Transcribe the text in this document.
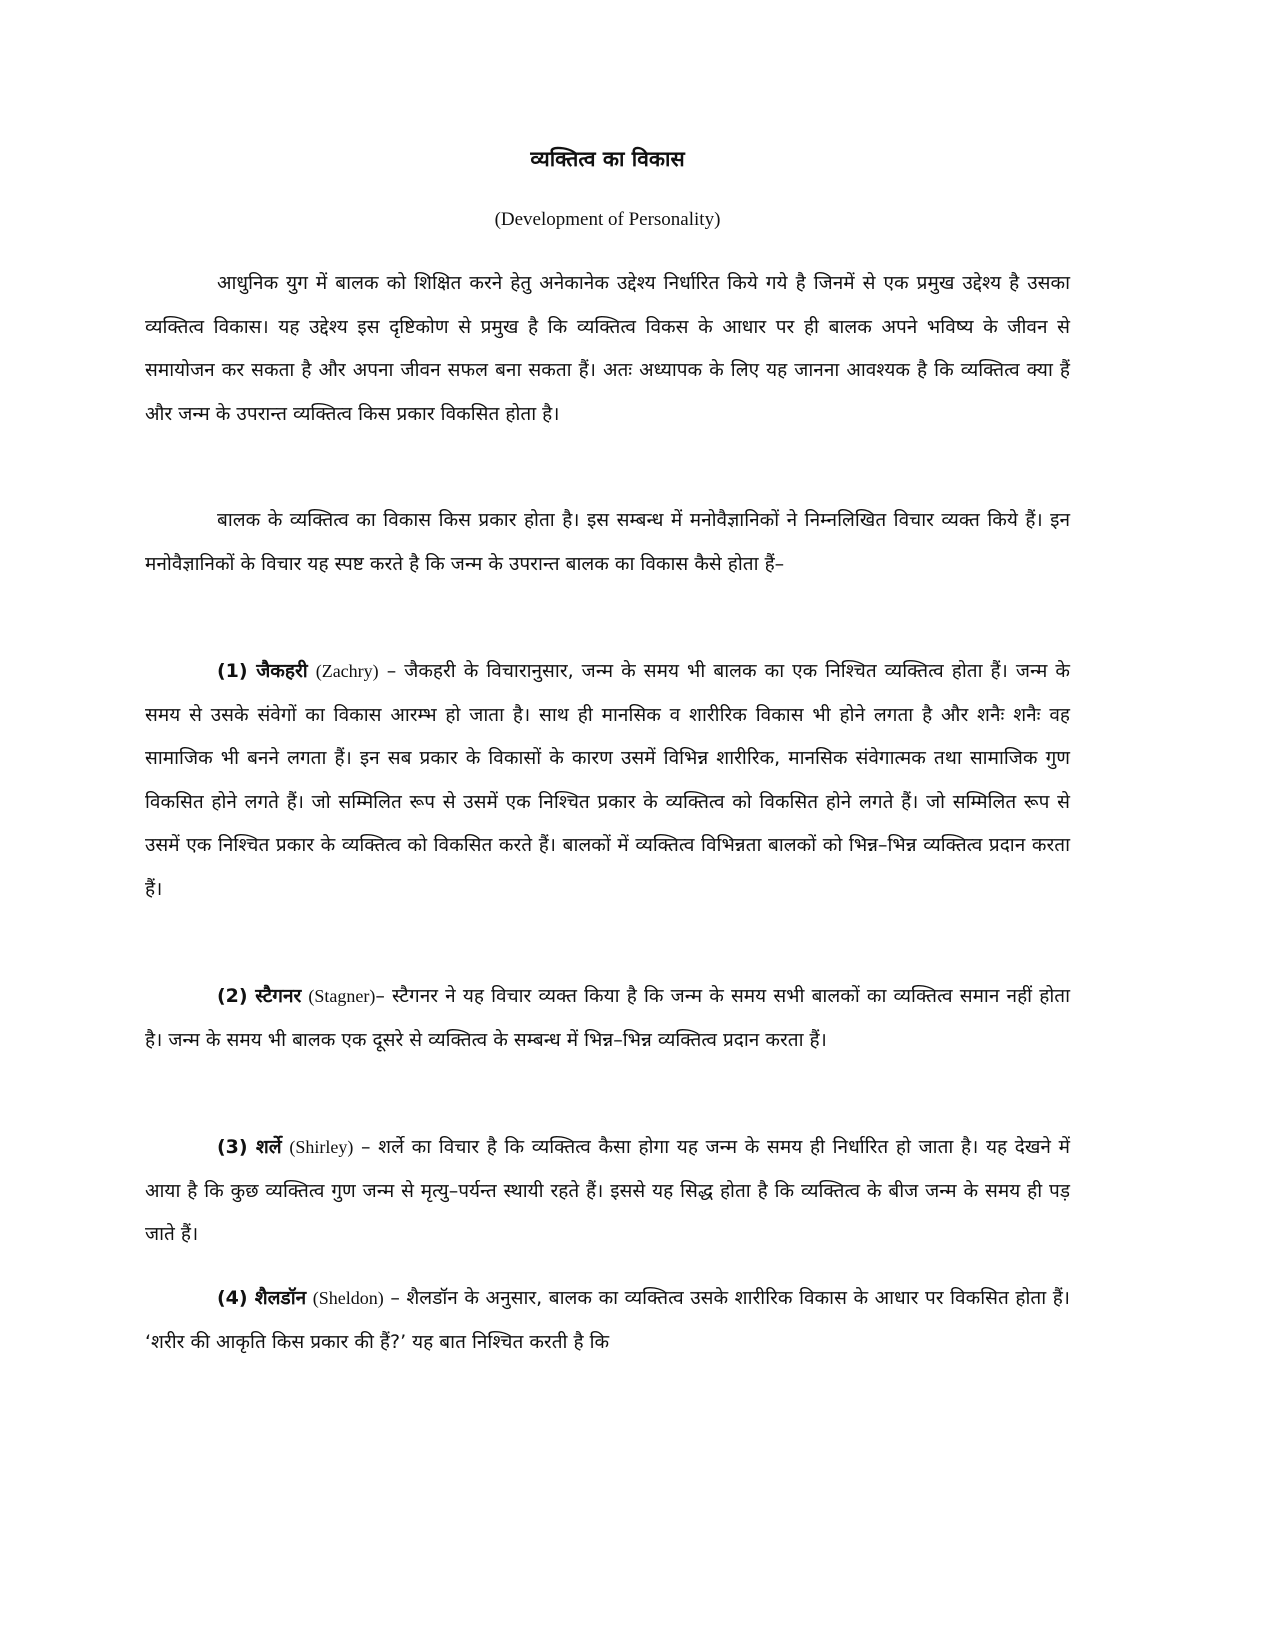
व्यक्तित्व का विकास
(Development of Personality)

आधुनिक युग में बालक को शिक्षित करने हेतु अनेकानेक उद्देश्य निर्धारित किये गये है जिनमें से एक प्रमुख उद्देश्य है उसका व्यक्तित्व विकास। यह उद्देश्य इस दृष्टिकोण से प्रमुख है कि व्यक्तित्व विकस के आधार पर ही बालक अपने भविष्य के जीवन से समायोजन कर सकता है और अपना जीवन सफल बना सकता हैं। अतः अध्यापक के लिए यह जानना आवश्यक है कि व्यक्तित्व क्या हैं और जन्म के उपरान्त व्यक्तित्व किस प्रकार विकसित होता है।

बालक के व्यक्तित्व का विकास किस प्रकार होता है। इस सम्बन्ध में मनोवैज्ञानिकों ने निम्नलिखित विचार व्यक्त किये हैं। इन मनोवैज्ञानिकों के विचार यह स्पष्ट करते है कि जन्म के उपरान्त बालक का विकास कैसे होता हैं–

(1) जैकहरी (Zachry) – जैकहरी के विचारानुसार, जन्म के समय भी बालक का एक निश्चित व्यक्तित्व होता हैं। जन्म के समय से उसके संवेगों का विकास आरम्भ हो जाता है। साथ ही मानसिक व शारीरिक विकास भी होने लगता है और शनैः शनैः वह सामाजिक भी बनने लगता हैं। इन सब प्रकार के विकासों के कारण उसमें विभिन्न शारीरिक, मानसिक संवेगात्मक तथा सामाजिक गुण विकसित होने लगते हैं। जो सम्मिलित रूप से उसमें एक निश्चित प्रकार के व्यक्तित्व को विकसित होने लगते हैं। जो सम्मिलित रूप से उसमें एक निश्चित प्रकार के व्यक्तित्व को विकसित करते हैं। बालकों में व्यक्तित्व विभिन्नता बालकों को भिन्न–भिन्न व्यक्तित्व प्रदान करता हैं।

(2) स्टैगनर (Stagner)– स्टैगनर ने यह विचार व्यक्त किया है कि जन्म के समय सभी बालकों का व्यक्तित्व समान नहीं होता है। जन्म के समय भी बालक एक दूसरे से व्यक्तित्व के सम्बन्ध में भिन्न–भिन्न व्यक्तित्व प्रदान करता हैं।

(3) शर्ले (Shirley) – शर्ले का विचार है कि व्यक्तित्व कैसा होगा यह जन्म के समय ही निर्धारित हो जाता है। यह देखने में आया है कि कुछ व्यक्तित्व गुण जन्म से मृत्यु–पर्यन्त स्थायी रहते हैं। इससे यह सिद्ध होता है कि व्यक्तित्व के बीज जन्म के समय ही पड़ जाते हैं।

(4) शैलडॉन (Sheldon) – शैलडॉन के अनुसार, बालक का व्यक्तित्व उसके शारीरिक विकास के आधार पर विकसित होता हैं। ‘शरीर की आकृति किस प्रकार की हैं?’ यह बात निश्चित करती है कि
